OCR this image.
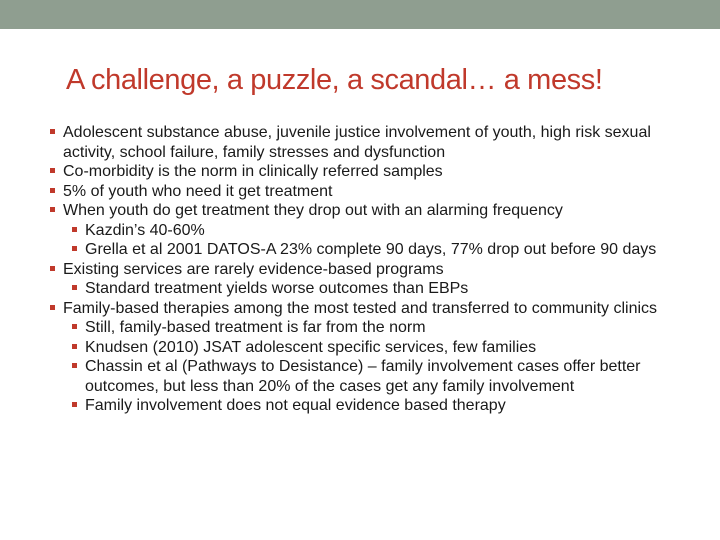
A challenge, a puzzle, a scandal… a mess!
Adolescent substance abuse, juvenile justice involvement of youth, high risk sexual activity, school failure, family stresses and dysfunction
Co-morbidity is the norm in clinically referred samples
5% of youth who need it get treatment
When youth do get treatment they drop out with an alarming frequency
Kazdin’s 40-60%
Grella et al 2001 DATOS-A 23% complete 90 days, 77% drop out before 90 days
Existing services are rarely evidence-based programs
Standard treatment yields worse outcomes than EBPs
Family-based therapies among the most tested and transferred to community clinics
Still, family-based treatment is far from the norm
Knudsen (2010) JSAT adolescent specific services, few families
Chassin et al (Pathways to Desistance) – family involvement cases offer better outcomes, but less than 20% of the cases get any family involvement
Family involvement does not equal evidence based therapy
